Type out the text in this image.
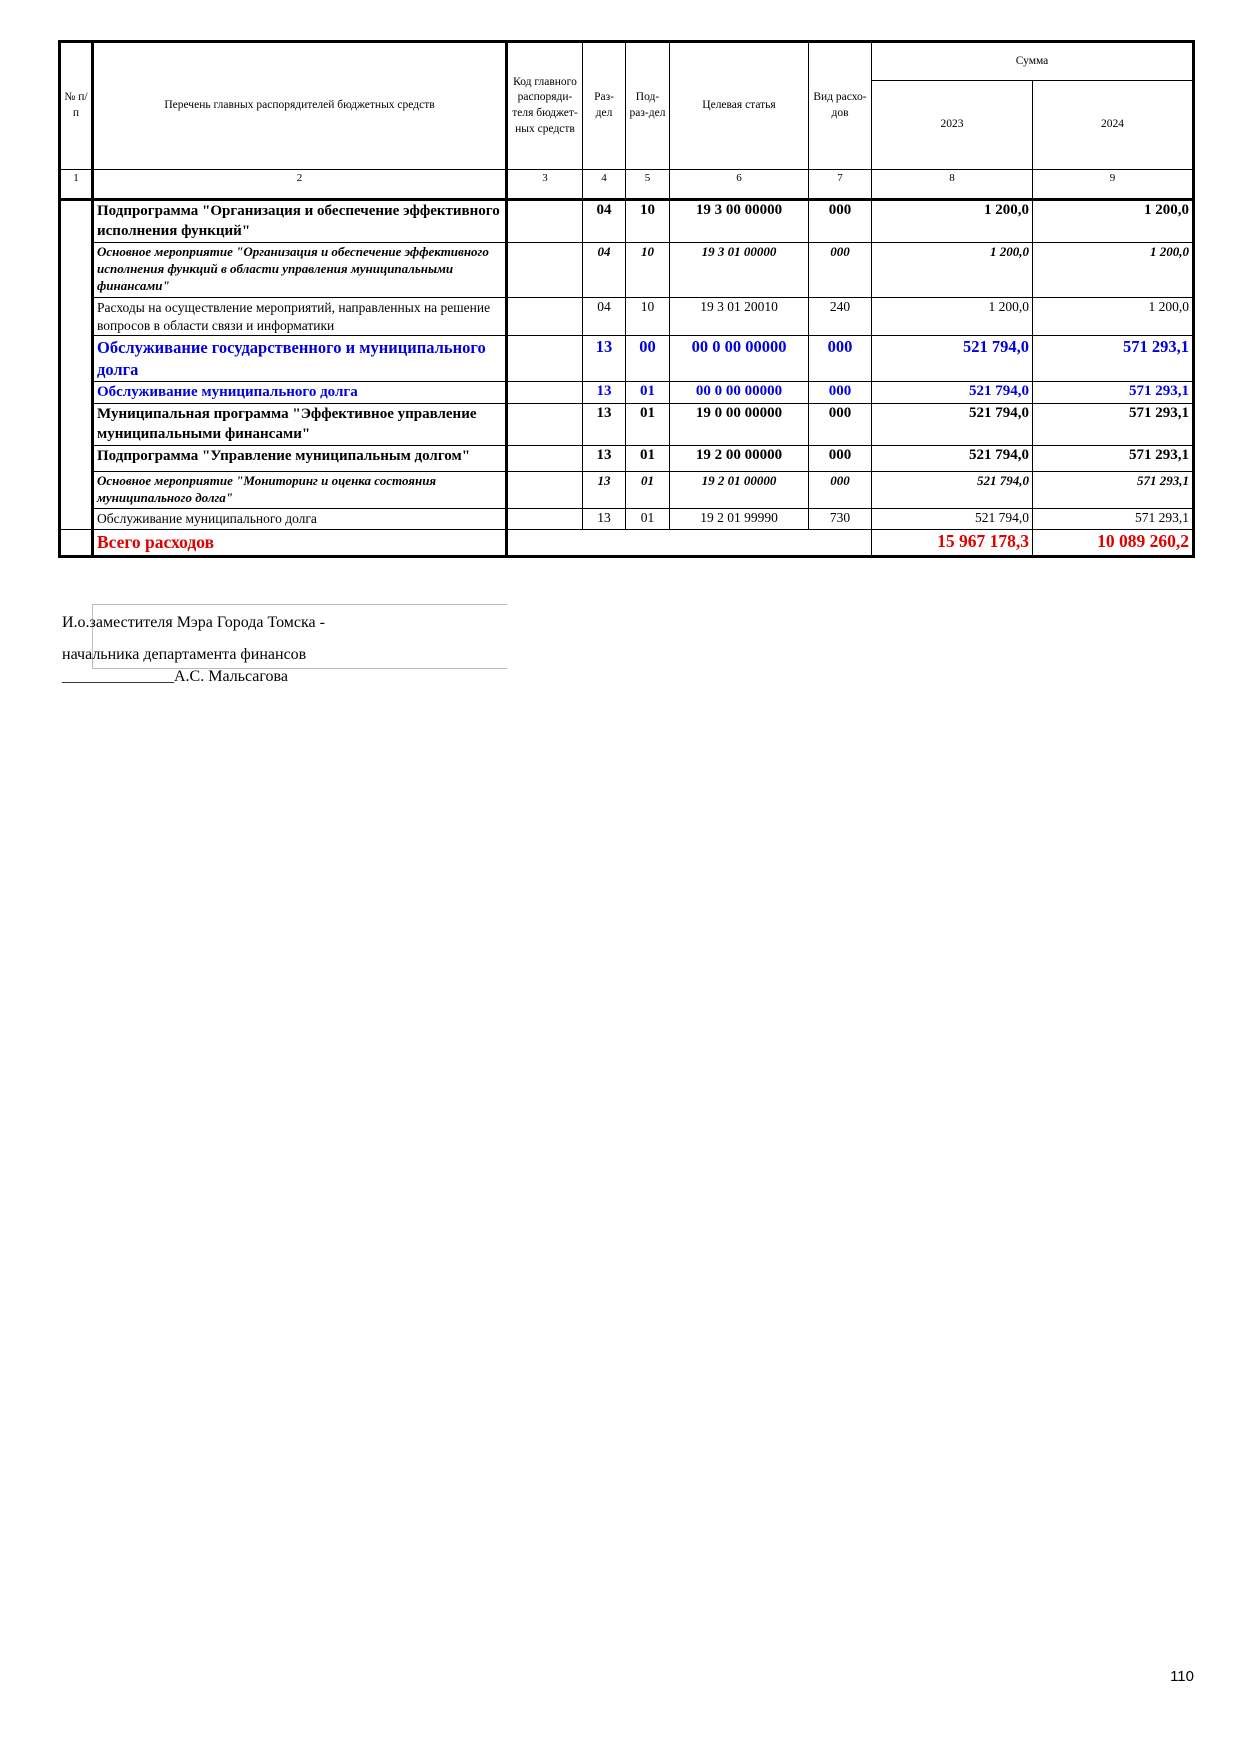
№ п/п	Перечень главных распорядителей бюджетных средств	Код главного распоряди-теля бюджет-ных средств	Раз-дел	Под-раз-дел	Целевая статья	Вид расхо-дов	Сумма	
							2023	2024
1	2	3	4	5	6	7	8	9
	Подпрограмма "Организация и обеспечение эффективного исполнения функций"		04	10	19 3 00 00000	000	1 200,0	1 200,0
	Основное мероприятие "Организация и обеспечение эффективного исполнения функций в области управления муниципальными финансами"		04	10	19 3 01 00000	000	1 200,0	1 200,0
	Расходы на осуществление мероприятий, направленных на решение вопросов в области связи и информатики		04	10	19 3 01 20010	240	1 200,0	1 200,0
	Обслуживание государственного и муниципального долга		13	00	00 0 00 00000	000	521 794,0	571 293,1
	Обслуживание муниципального долга		13	01	00 0 00 00000	000	521 794,0	571 293,1
	Муниципальная программа "Эффективное управление муниципальными финансами"		13	01	19 0 00 00000	000	521 794,0	571 293,1
	Подпрограмма "Управление муниципальным долгом"		13	01	19 2 00 00000	000	521 794,0	571 293,1
	Основное мероприятие "Мониторинг и оценка состояния муниципального долга"		13	01	19 2 01 00000	000	521 794,0	571 293,1
	Обслуживание муниципального долга		13	01	19 2 01 99990	730	521 794,0	571 293,1
	Всего расходов						15 967 178,3	10 089 260,2
И.о.заместителя Мэра Города Томска -
начальника департамента финансов
______________А.С. Мальсагова
110
